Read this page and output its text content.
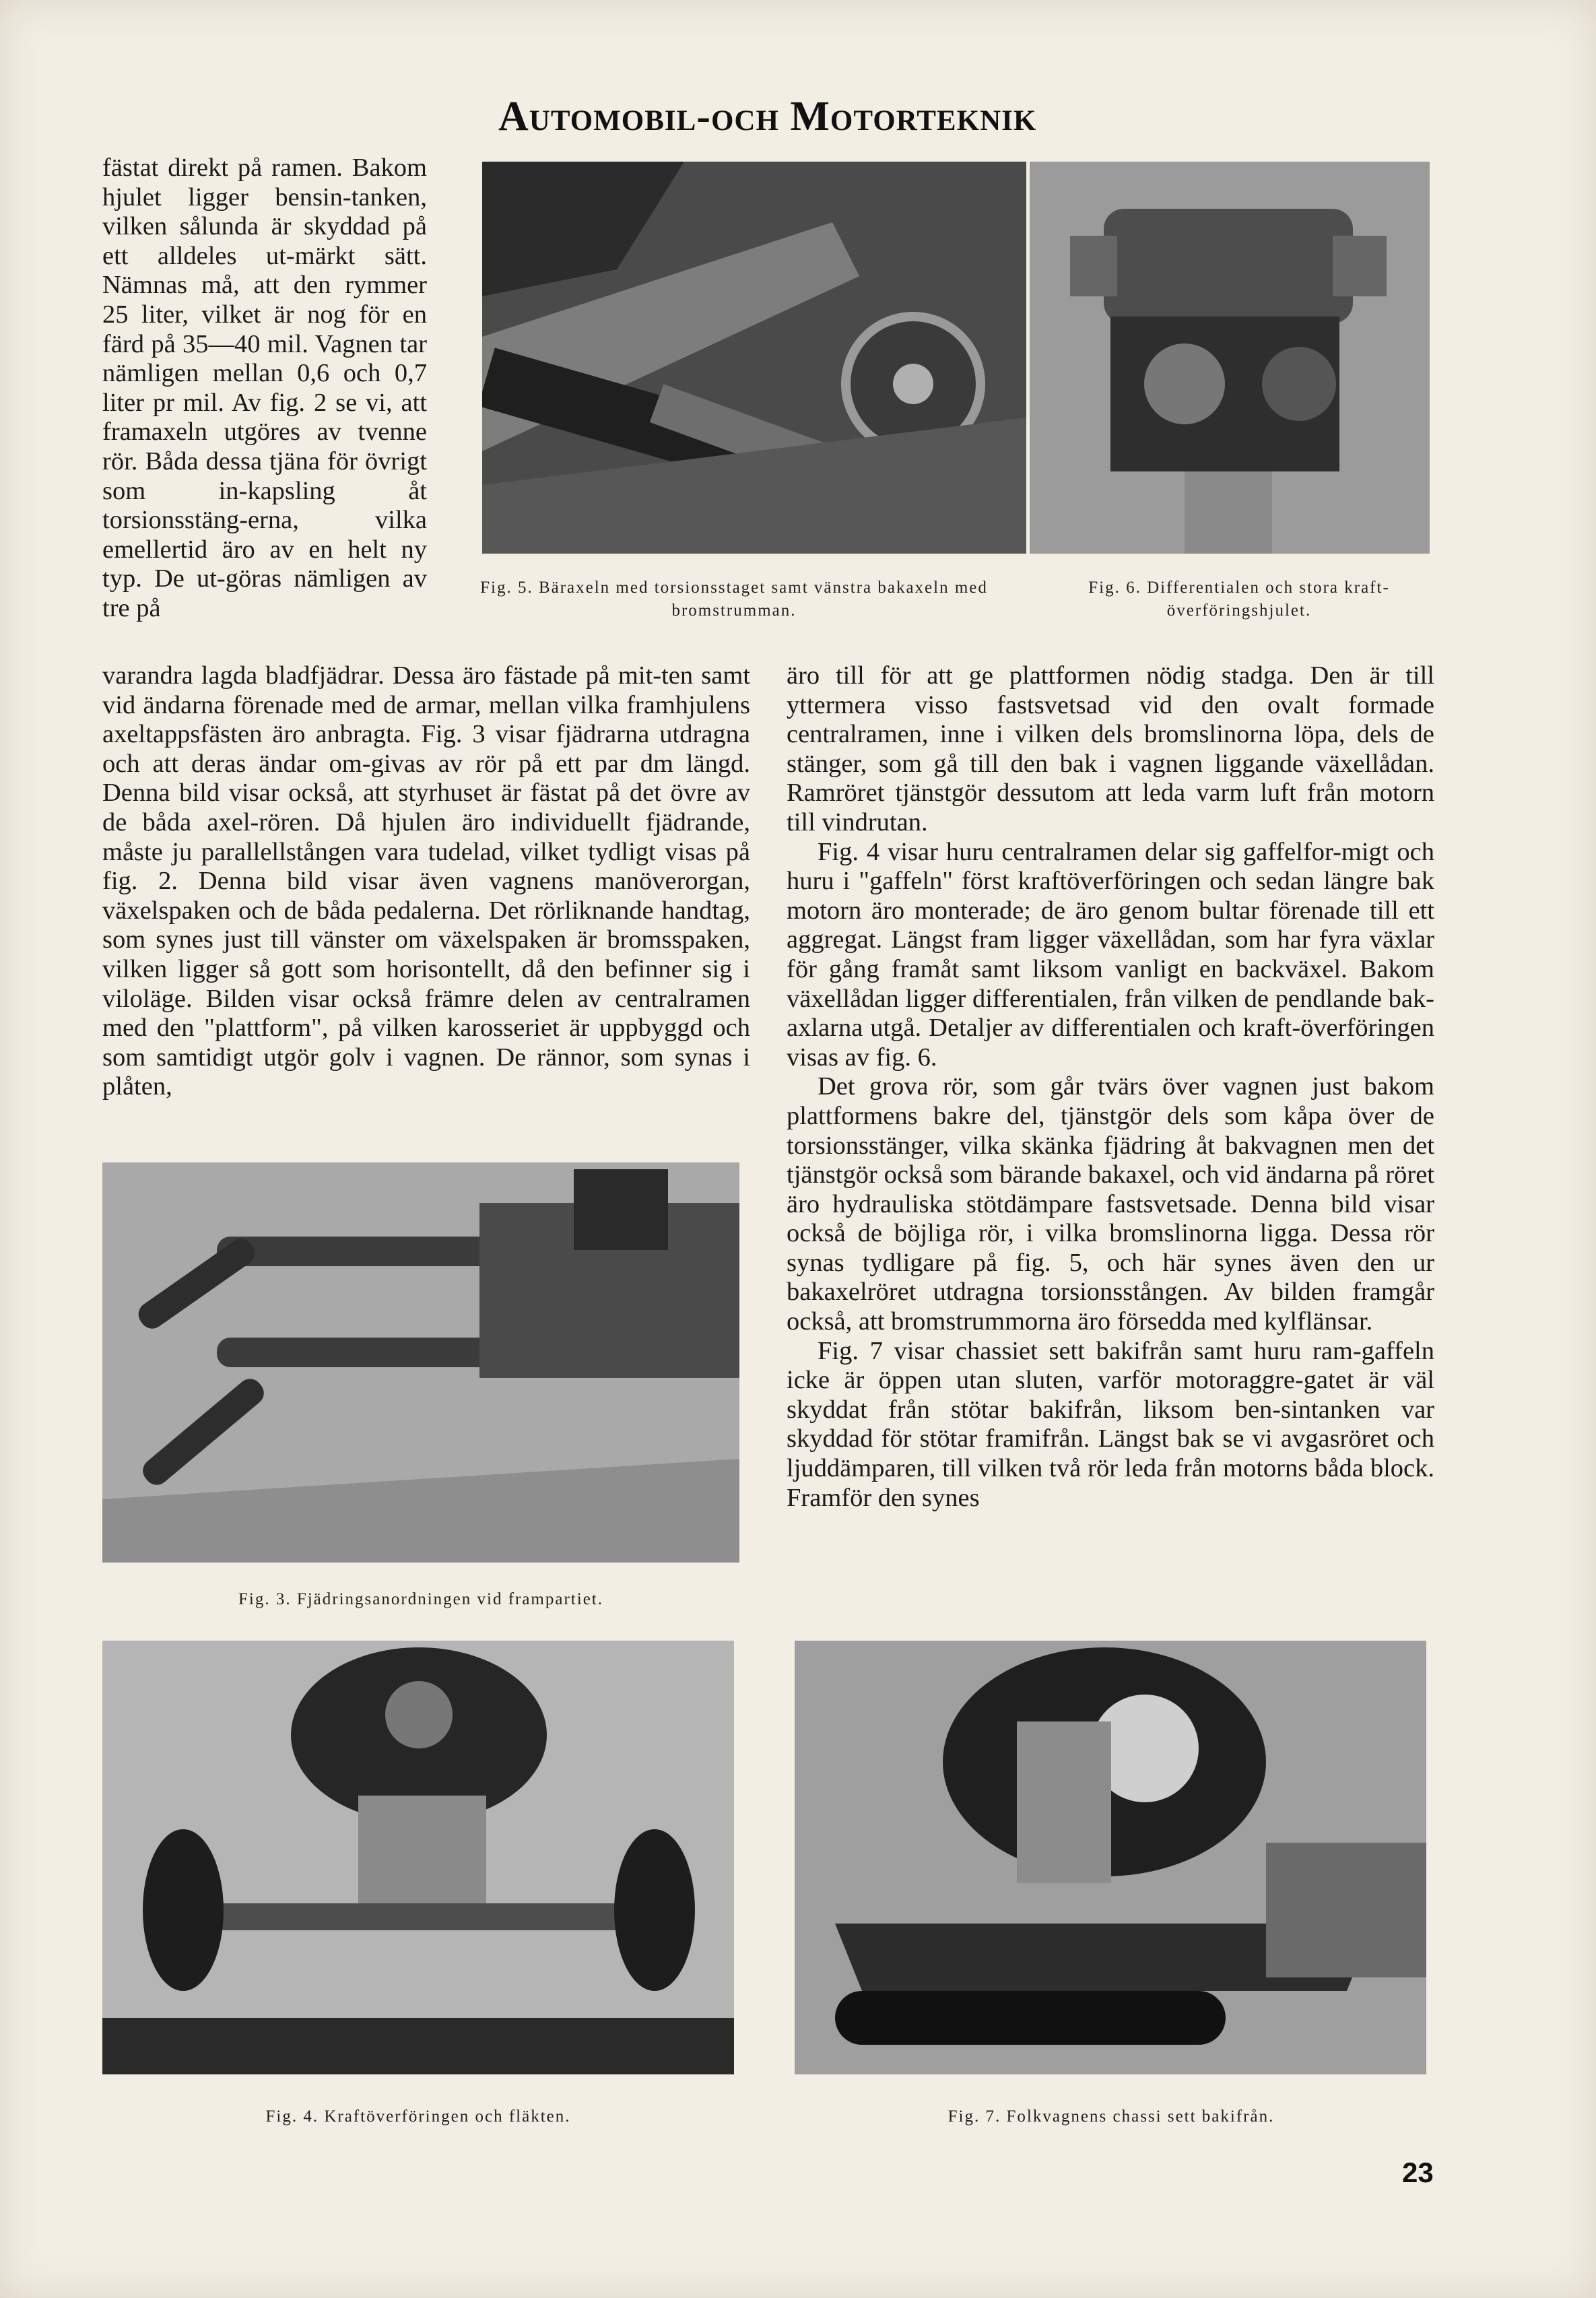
Automobil-och Motorteknik
Fig. 5. Bäraxeln med torsionsstaget samt vänstra bakaxeln med bromstrumman.
Fig. 6. Differentialen och stora kraft-överföringshjulet.

fästat direkt på ramen. Bakom hjulet ligger bensin-tanken, vilken sålunda är skyddad på ett alldeles ut-märkt sätt. Nämnas må, att den rymmer 25 liter, vilket är nog för en färd på 35—40 mil. Vagnen tar nämligen mellan 0,6 och 0,7 liter pr mil. Av fig. 2 se vi, att framaxeln utgöres av tvenne rör. Båda dessa tjäna för övrigt som in-kapsling åt torsionsstäng-erna, vilka emellertid äro av en helt ny typ. De ut-göras nämligen av tre på

varandra lagda bladfjädrar. Dessa äro fästade på mit-ten samt vid ändarna förenade med de armar, mellan vilka framhjulens axeltappsfästen äro anbragta. Fig. 3 visar fjädrarna utdragna och att deras ändar om-givas av rör på ett par dm längd. Denna bild visar också, att styrhuset är fästat på det övre av de båda axel-rören. Då hjulen äro individuellt fjädrande, måste ju parallellstången vara tudelad, vilket tydligt visas på fig. 2. Denna bild visar även vagnens manöverorgan, växelspaken och de båda pedalerna. Det rörliknande handtag, som synes just till vänster om växelspaken är bromsspaken, vilken ligger så gott som horisontellt, då den befinner sig i viloläge. Bilden visar också främre delen av centralramen med den "plattform", på vilken karosseriet är uppbyggd och som samtidigt utgör golv i vagnen. De rännor, som synas i plåten,

äro till för att ge plattformen nödig stadga. Den är till yttermera visso fastsvetsad vid den ovalt formade centralramen, inne i vilken dels bromslinorna löpa, dels de stänger, som gå till den bak i vagnen liggande växellådan. Ramröret tjänstgör dessutom att leda varm luft från motorn till vindrutan.
Fig. 4 visar huru centralramen delar sig gaffelfor-migt och huru i "gaffeln" först kraftöverföringen och sedan längre bak motorn äro monterade; de äro genom bultar förenade till ett aggregat. Längst fram ligger växellådan, som har fyra växlar för gång framåt samt liksom vanligt en backväxel. Bakom växellådan ligger differentialen, från vilken de pendlande bak-axlarna utgå. Detaljer av differentialen och kraft-överföringen visas av fig. 6.
Det grova rör, som går tvärs över vagnen just bakom plattformens bakre del, tjänstgör dels som kåpa över de torsionsstänger, vilka skänka fjädring åt bakvagnen men det tjänstgör också som bärande bakaxel, och vid ändarna på röret äro hydrauliska stötdämpare fastsvetsade. Denna bild visar också de böjliga rör, i vilka bromslinorna ligga. Dessa rör synas tydligare på fig. 5, och här synes även den ur bakaxelröret utdragna torsionsstången. Av bilden framgår också, att bromstrummorna äro försedda med kylflänsar.
Fig. 7 visar chassiet sett bakifrån samt huru ram-gaffeln icke är öppen utan sluten, varför motoraggre-gatet är väl skyddat från stötar bakifrån, liksom ben-sintanken var skyddad för stötar framifrån. Längst bak se vi avgasröret och ljuddämparen, till vilken två rör leda från motorns båda block. Framför den synes
Fig. 3. Fjädringsanordningen vid frampartiet.
Fig. 4. Kraftöverföringen och fläkten.	Fig. 7. Folkvagnens chassi sett bakifrån.
23
